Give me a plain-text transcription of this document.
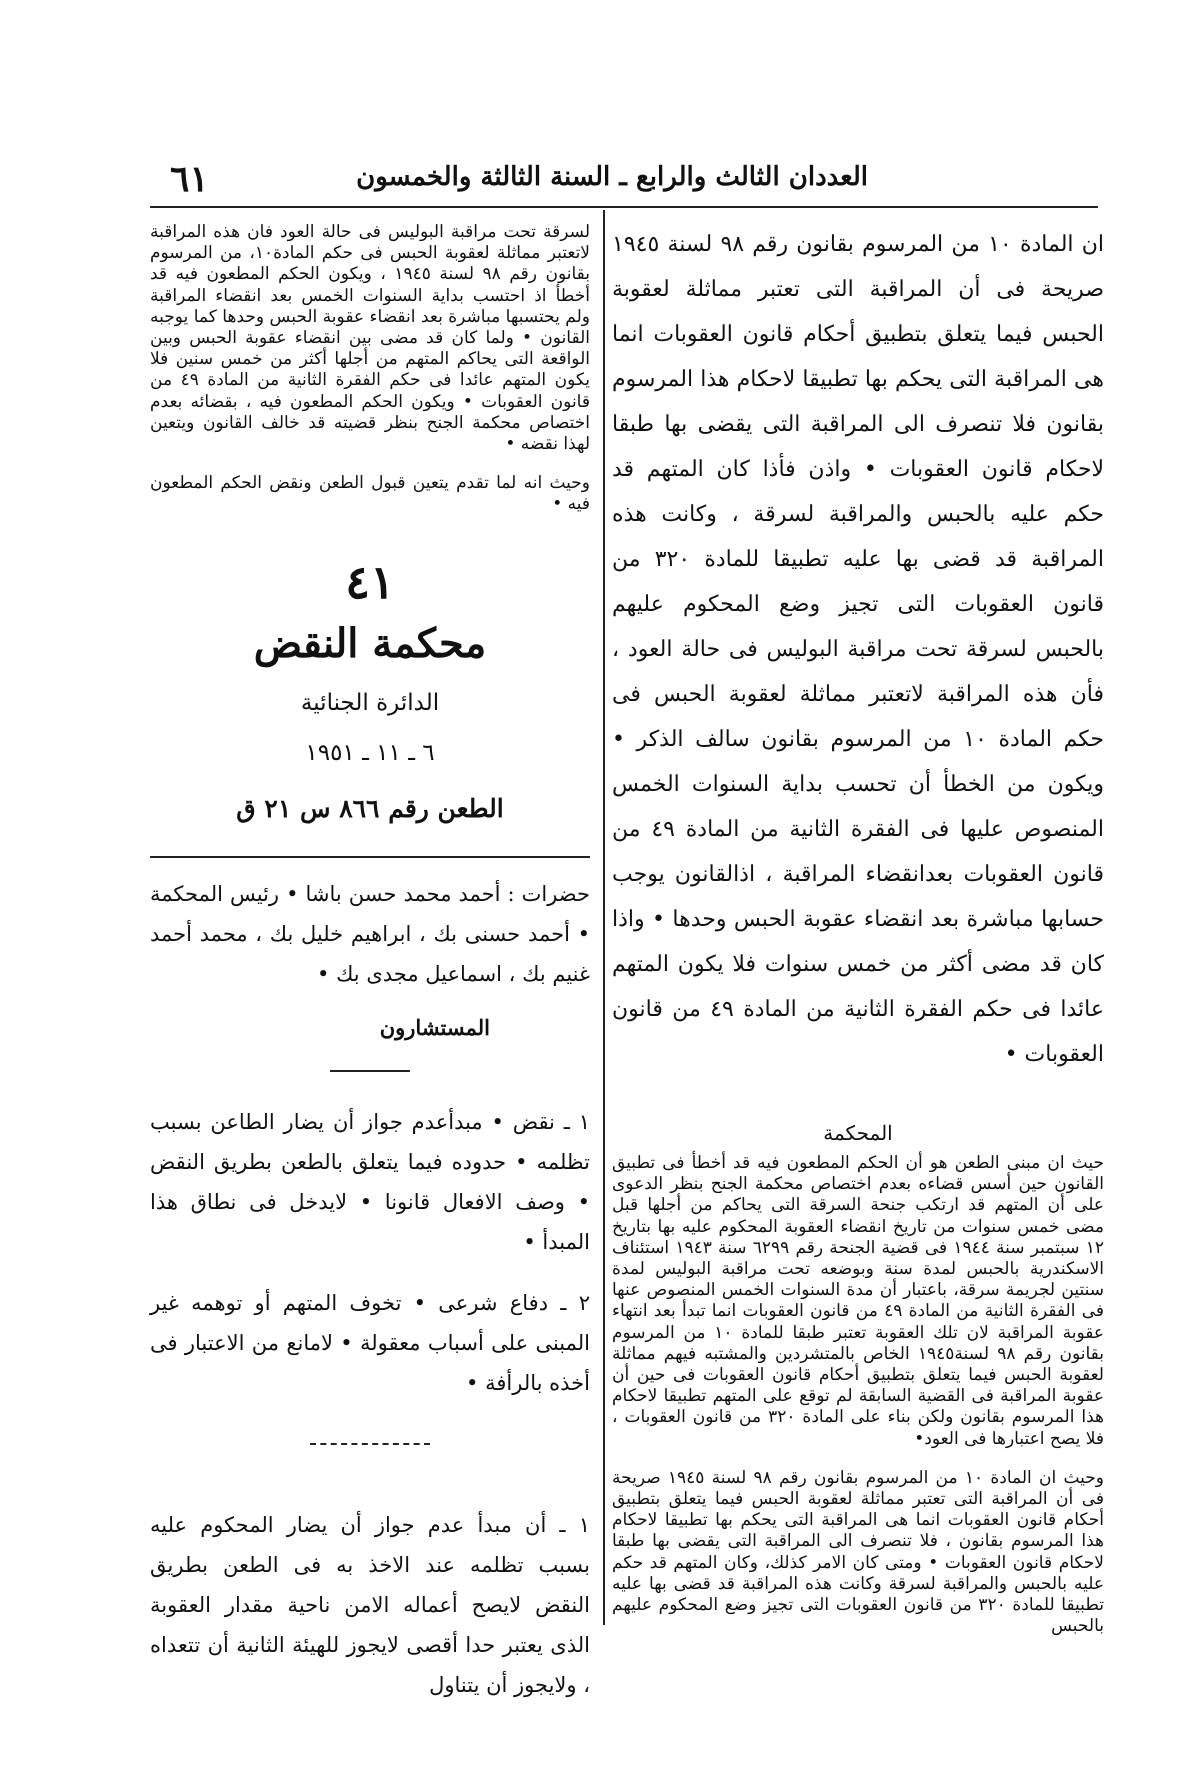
العددان الثالث والرابع ـ السنة الثالثة والخمسون
٦١

ان المادة ١٠ من المرسوم بقانون رقم ٩٨ لسنة ١٩٤٥ صريحة فى أن المراقبة التى تعتبر مماثلة لعقوبة الحبس فيما يتعلق بتطبيق أحكام قانون العقوبات انما هى المراقبة التى يحكم بها تطبيقا لاحكام هذا المرسوم بقانون فلا تنصرف الى المراقبة التى يقضى بها طبقا لاحكام قانون العقوبات • واذن فأذا كان المتهم قد حكم عليه بالحبس والمراقبة لسرقة ، وكانت هذه المراقبة قد قضى بها عليه تطبيقا للمادة ٣٢٠ من قانون العقوبات التى تجيز وضع المحكوم عليهم بالحبس لسرقة تحت مراقبة البوليس فى حالة العود ، فأن هذه المراقبة لاتعتبر مماثلة لعقوبة الحبس فى حكم المادة ١٠ من المرسوم بقانون سالف الذكر • ويكون من الخطأ أن تحسب بداية السنوات الخمس المنصوص عليها فى الفقرة الثانية من المادة ٤٩ من قانون العقوبات بعدانقضاء المراقبة ، اذالقانون يوجب حسابها مباشرة بعد انقضاء عقوبة الحبس وحدها • واذا كان قد مضى أكثر من خمس سنوات فلا يكون المتهم عائدا فى حكم الفقرة الثانية من المادة ٤٩ من قانون العقوبات •

المحكمة

حيث ان مبنى الطعن هو أن الحكم المطعون فيه قد أخطأ فى تطبيق القانون حين أسس قضاءه بعدم اختصاص محكمة الجنح بنظر الدعوى على أن المتهم قد ارتكب جنحة السرقة التى يحاكم من أجلها قبل مضى خمس سنوات من تاريخ انقضاء العقوبة المحكوم عليه بها بتاريخ ١٢ سبتمبر سنة ١٩٤٤ فى قضية الجنحة رقم ٦٢٩٩ سنة ١٩٤٣ استئناف الاسكندرية بالحبس لمدة سنة وبوضعه تحت مراقبة البوليس لمدة سنتين لجريمة سرقة، باعتبار أن مدة السنوات الخمس المنصوص عنها فى الفقرة الثانية من المادة ٤٩ من قانون العقوبات انما تبدأ بعد انتهاء عقوبة المراقبة لان تلك العقوبة تعتبر طبقا للمادة ١٠ من المرسوم بقانون رقم ٩٨ لسنة١٩٤٥ الخاص بالمتشردين والمشتبه فيهم مماثلة لعقوبة الحبس فيما يتعلق بتطبيق أحكام قانون العقوبات فى حين أن عقوبة المراقبة فى القضية السابقة لم توقع على المتهم تطبيقا لاحكام هذا المرسوم بقانون ولكن بناء على المادة ٣٢٠ من قانون العقوبات ، فلا يصح اعتبارها فى العود•

وحيث ان المادة ١٠ من المرسوم بقانون رقم ٩٨ لسنة ١٩٤٥ صريحة فى أن المراقبة التى تعتبر مماثلة لعقوبة الحبس فيما يتعلق بتطبيق أحكام قانون العقوبات انما هى المراقبة التى يحكم بها تطبيقا لاحكام هذا المرسوم بقانون ، فلا تنصرف الى المراقبة التى يقضى بها طبقا لاحكام قانون العقوبات • ومتى كان الامر كذلك، وكان المتهم قد حكم عليه بالحبس والمراقبة لسرقة وكانت هذه المراقبة قد قضى بها عليه تطبيقا للمادة ٣٢٠ من قانون العقوبات التى تجيز وضع المحكوم عليهم بالحبس

لسرقة تحت مراقبة البوليس فى حالة العود فان هذه المراقبة لاتعتبر مماثلة لعقوبة الحبس فى حكم المادة١٠، من المرسوم بقانون رقم ٩٨ لسنة ١٩٤٥ ، ويكون الحكم المطعون فيه قد أخطأ اذ احتسب بداية السنوات الخمس بعد انقضاء المراقبة ولم يحتسبها مباشرة بعد انقضاء عقوبة الحبس وحدها كما يوجبه القانون • ولما كان قد مضى بين انقضاء عقوبة الحبس وبين الواقعة التى يحاكم المتهم من أجلها أكثر من خمس سنين فلا يكون المتهم عائدا فى حكم الفقرة الثانية من المادة ٤٩ من قانون العقوبات • ويكون الحكم المطعون فيه ، بقضائه بعدم اختصاص محكمة الجنح بنظر قضيته قد خالف القانون ويتعين لهذا نقضه •

وحيث انه لما تقدم يتعين قبول الطعن ونقض الحكم المطعون فيه •

٤١
محكمة النقض
الدائرة الجنائية
٦ ـ ١١ ـ ١٩٥١
الطعن رقم ٨٦٦ س ٢١ ق

حضرات : أحمد محمد حسن باشا • رئيس المحكمة • أحمد حسنى بك ، ابراهيم خليل بك ، محمد أحمد غنيم بك ، اسماعيل مجدى بك •

المستشارون

١ ـ نقض • مبدأعدم جواز أن يضار الطاعن بسبب تظلمه • حدوده فيما يتعلق بالطعن بطريق النقض • وصف الافعال قانونا • لايدخل فى نطاق هذا المبدأ •

٢ ـ دفاع شرعى • تخوف المتهم أو توهمه غير المبنى على أسباب معقولة • لامانع من الاعتبار فى أخذه بالرأفة •

١ ـ أن مبدأ عدم جواز أن يضار المحكوم عليه بسبب تظلمه عند الاخذ به فى الطعن بطريق النقض لايصح أعماله الامن ناحية مقدار العقوبة الذى يعتبر حدا أقصى لايجوز للهيئة الثانية أن تتعداه ، ولايجوز أن يتناول
